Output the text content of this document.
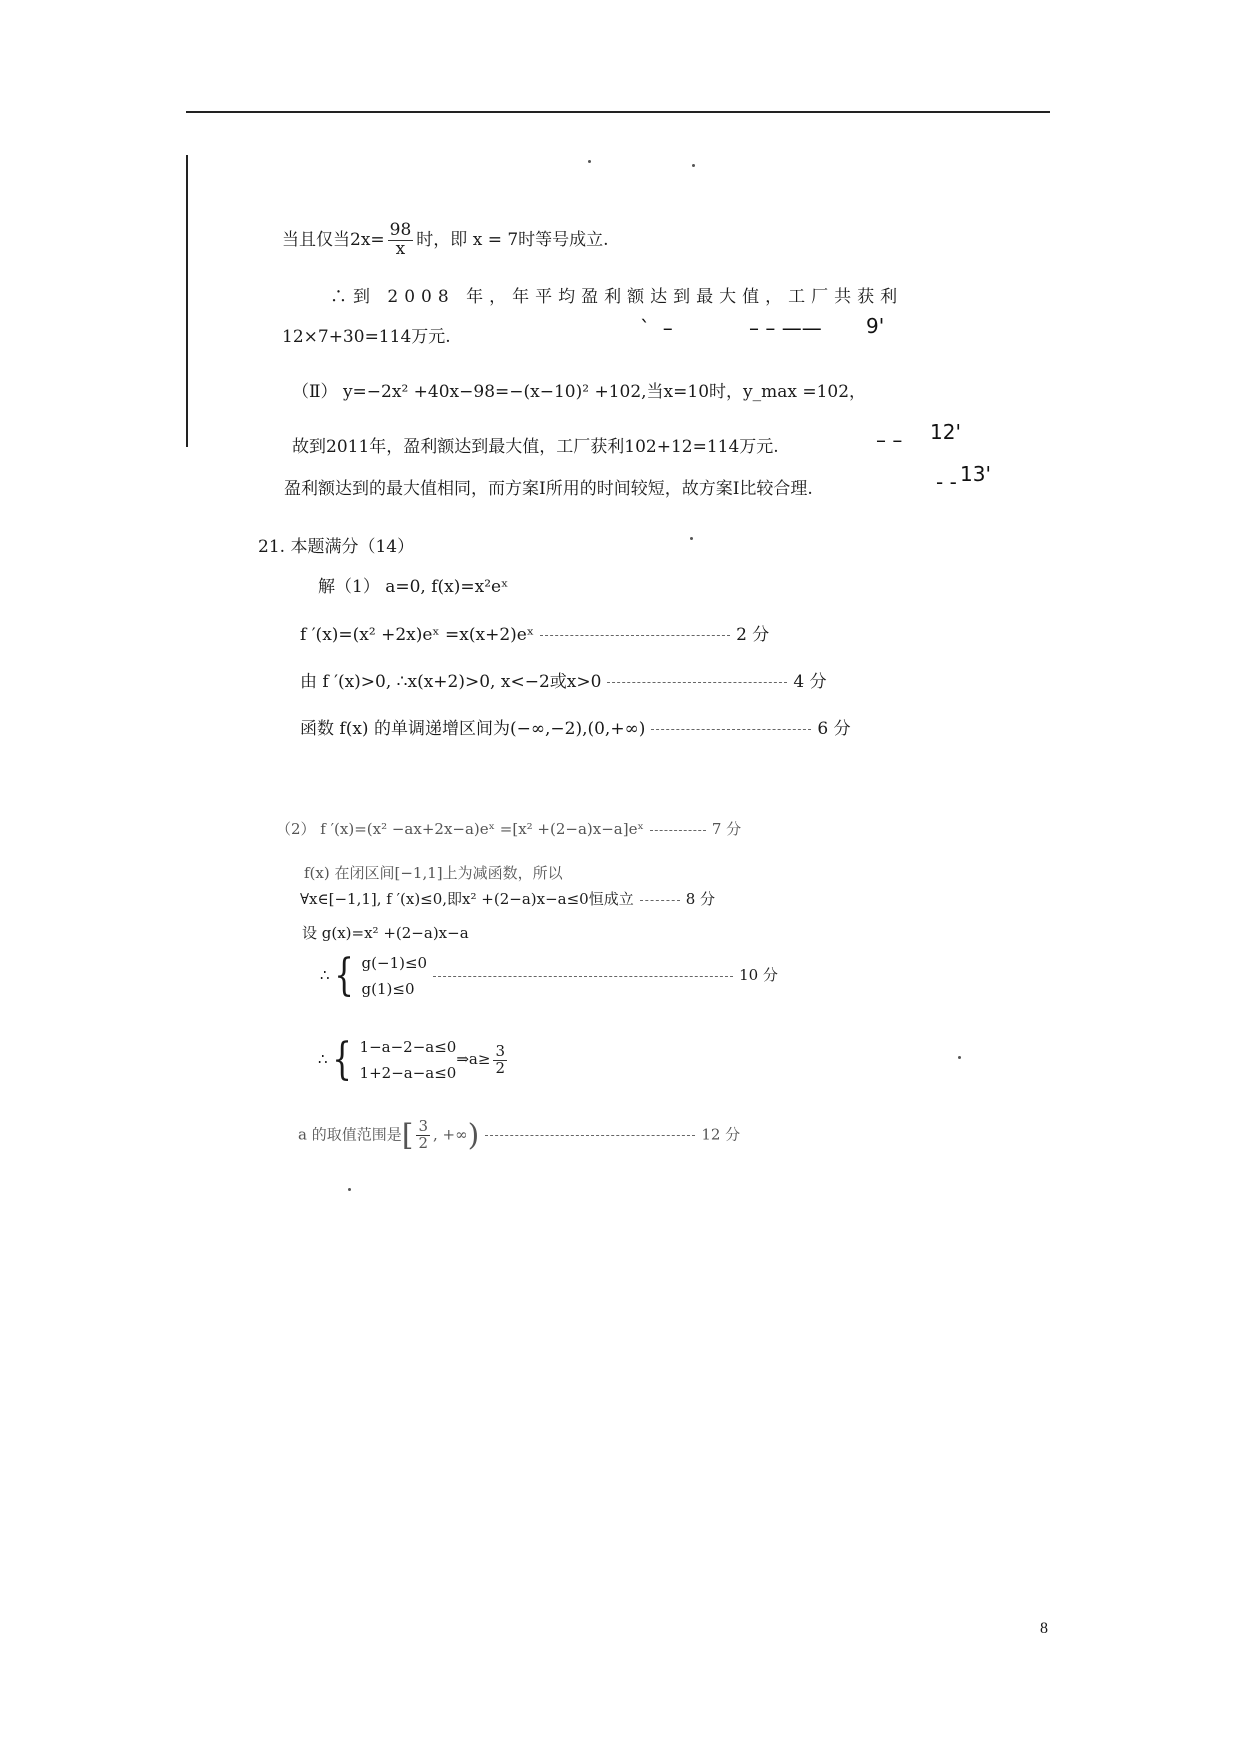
当且仅当$2x= \frac{98}{x}$ 时，即 x = 7时等号成立.
∴到 2008 年，年平均盈利额达到最大值，工厂共获利
12×7+30=114万元.	ˋ  –            – – —— 9'
（Ⅱ） y=−2x² +40x−98=−(x−10)² +102,当x=10时，y_max =102，
故到2011年，盈利额达到最大值，工厂获利102+12=114万元.	– – 12'
盈利额达到的最大值相同，而方案Ⅰ所用的时间较短，故方案Ⅰ比较合理.	- - 13'
21. 本题满分（14）
解（1） a=0, f(x)=x²eˣ
f ′(x)=(x² +2x)eˣ =x(x+2)eˣ	2 分
由 f ′(x)>0, ∴x(x+2)>0, x<−2或x>0	4 分
函数 f(x) 的单调递增区间为(−∞,−2),(0,+∞)	6 分
（2） f ′(x)=(x² −ax+2x−a)eˣ =[x² +(2−a)x−a]eˣ	7 分
f(x) 在闭区间[−1,1]上为减函数，所以
∀x∈[−1,1], f ′(x)≤0,即x² +(2−a)x−a≤0恒成立	8 分
设 g(x)=x² +(2−a)x−a
∴{ g(−1)≤0
g(1)≤0
10 分
∴{ 1−a−2−a≤0
1+2−a−a≤0
⇒a≥ $\frac{3}{2}$
a 的取值范围是[ $\frac{3}{2}$ , +∞)	12 分
8
